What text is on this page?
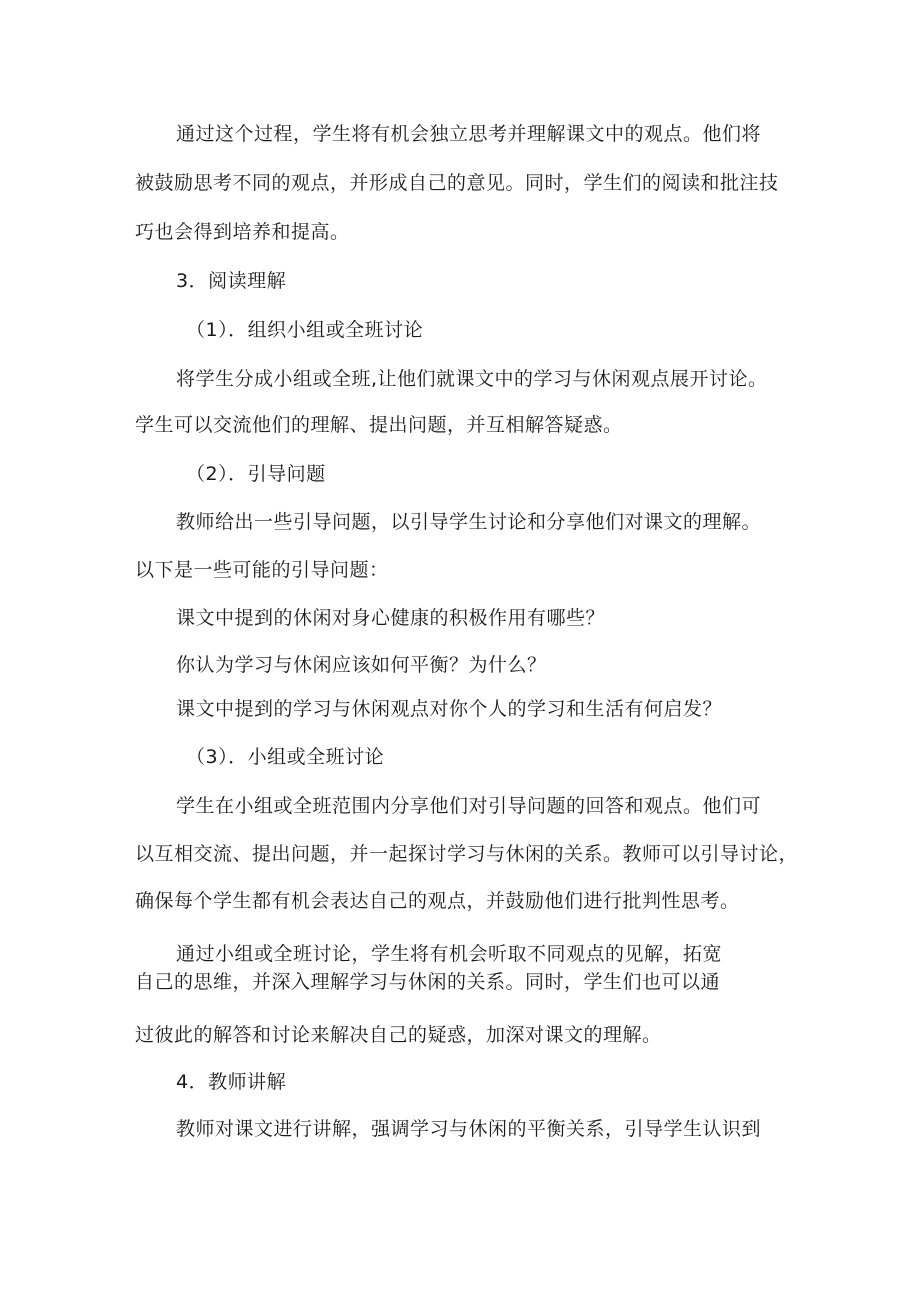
通过这个过程，学生将有机会独立思考并理解课文中的观点。他们将
被鼓励思考不同的观点，并形成自己的意见。同时，学生们的阅读和批注技
巧也会得到培养和提高。
3．阅读理解
（1）．组织小组或全班讨论
将学生分成小组或全班,让他们就课文中的学习与休闲观点展开讨论。
学生可以交流他们的理解、提出问题，并互相解答疑惑。
（2）．引导问题
教师给出一些引导问题，以引导学生讨论和分享他们对课文的理解。
以下是一些可能的引导问题：
课文中提到的休闲对身心健康的积极作用有哪些？
你认为学习与休闲应该如何平衡？为什么？
课文中提到的学习与休闲观点对你个人的学习和生活有何启发？
（3）．小组或全班讨论
学生在小组或全班范围内分享他们对引导问题的回答和观点。他们可
以互相交流、提出问题，并一起探讨学习与休闲的关系。教师可以引导讨论，
确保每个学生都有机会表达自己的观点，并鼓励他们进行批判性思考。
通过小组或全班讨论，学生将有机会听取不同观点的见解，拓宽
自己的思维，并深入理解学习与休闲的关系。同时，学生们也可以通
过彼此的解答和讨论来解决自己的疑惑，加深对课文的理解。
4．教师讲解
教师对课文进行讲解，强调学习与休闲的平衡关系，引导学生认识到
